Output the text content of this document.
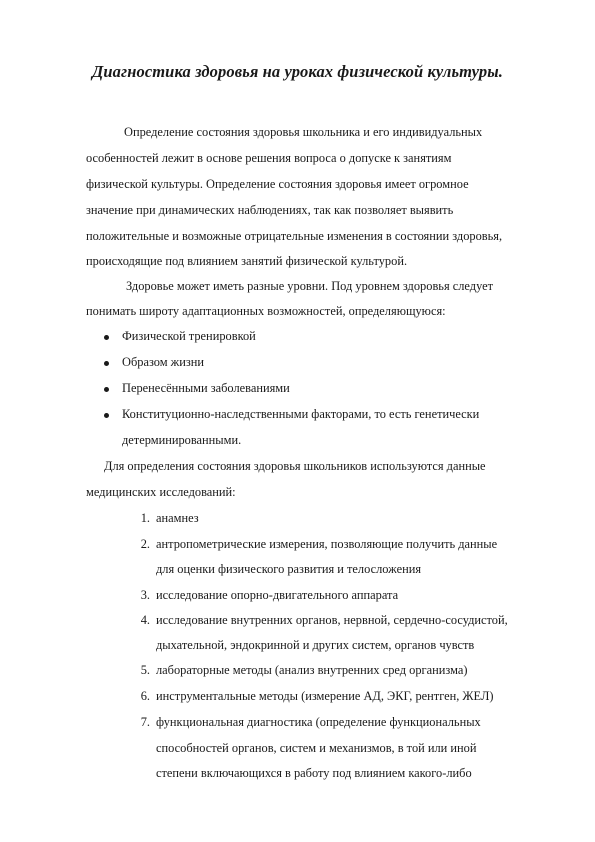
Диагностика здоровья на уроках физической культуры.
Определение состояния здоровья школьника и его индивидуальных
особенностей лежит в основе решения вопроса о допуске к занятиям
физической культуры. Определение состояния здоровья имеет огромное
значение при динамических наблюдениях, так как позволяет выявить
положительные и возможные отрицательные изменения в состоянии здоровья,
происходящие под влиянием занятий физической культурой.
Здоровье может иметь разные уровни. Под уровнем здоровья следует
понимать широту адаптационных возможностей, определяющуюся:
Физической тренировкой
Образом жизни
Перенесёнными заболеваниями
Конституционно-наследственными факторами, то есть генетически
детерминированными.
Для определения состояния здоровья школьников используются данные
медицинских исследований:
1. анамнез
2. антропометрические измерения, позволяющие получить данные
для оценки физического развития и телосложения
3. исследование опорно-двигательного аппарата
4. исследование внутренних органов, нервной, сердечно-сосудистой,
дыхательной, эндокринной и других систем, органов чувств
5. лабораторные методы (анализ внутренних сред организма)
6. инструментальные методы (измерение АД, ЭКГ, рентген, ЖЕЛ)
7. функциональная диагностика (определение функциональных
способностей органов, систем и механизмов, в той или иной
степени включающихся в работу под влиянием какого-либо
